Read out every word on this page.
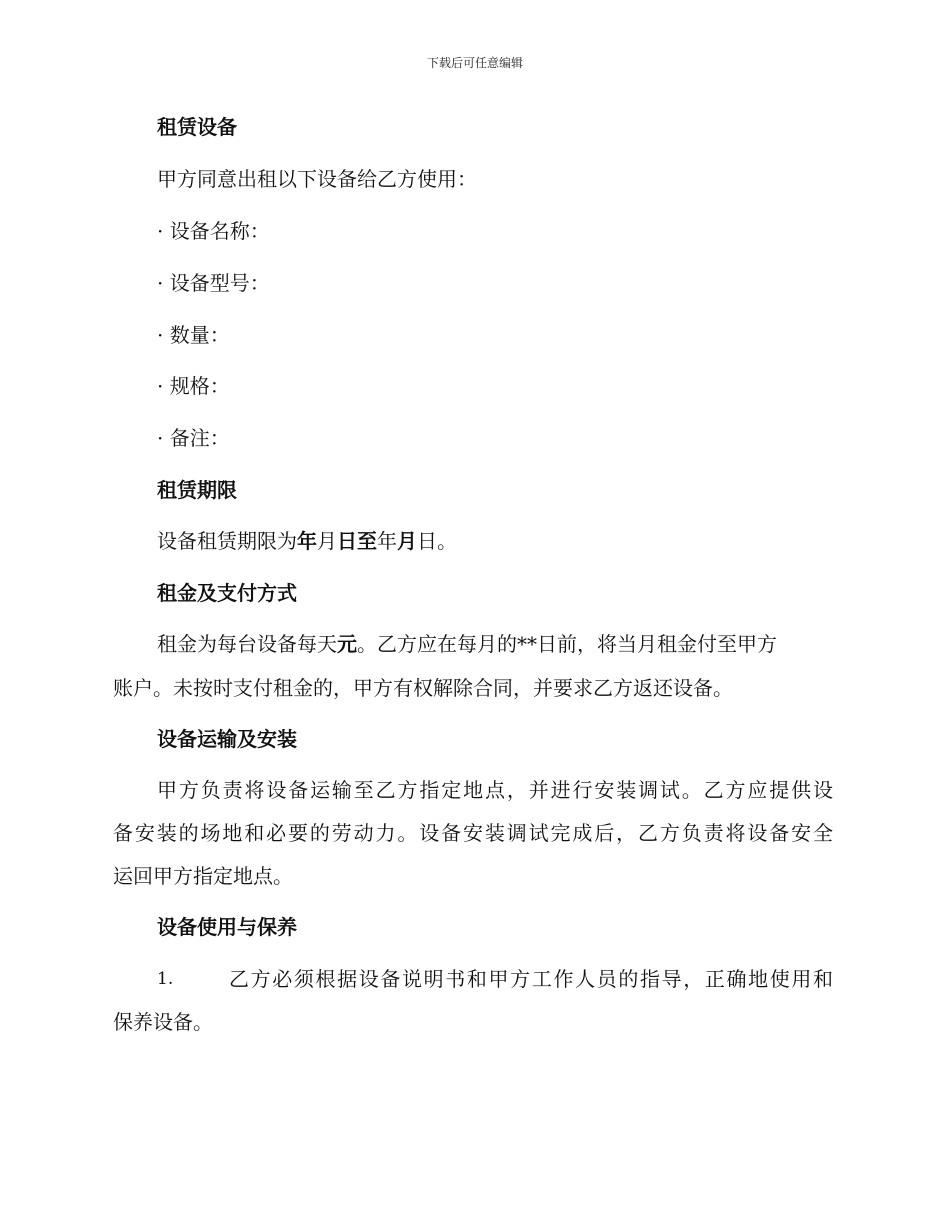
下载后可任意编辑
租赁设备
甲方同意出租以下设备给乙方使用：
· 设备名称：
· 设备型号：
· 数量：
· 规格：
· 备注：
租赁期限
设备租赁期限为年月日至年月日。
租金及支付方式
租金为每台设备每天元。乙方应在每月的**日前，将当月租金付至甲方
账户。未按时支付租金的，甲方有权解除合同，并要求乙方返还设备。
设备运输及安装
甲方负责将设备运输至乙方指定地点，并进行安装调试。乙方应提供设
备安装的场地和必要的劳动力。设备安装调试完成后，乙方负责将设备安全
运回甲方指定地点。
设备使用与保养
1.	乙方必须根据设备说明书和甲方工作人员的指导，正确地使用和
保养设备。
